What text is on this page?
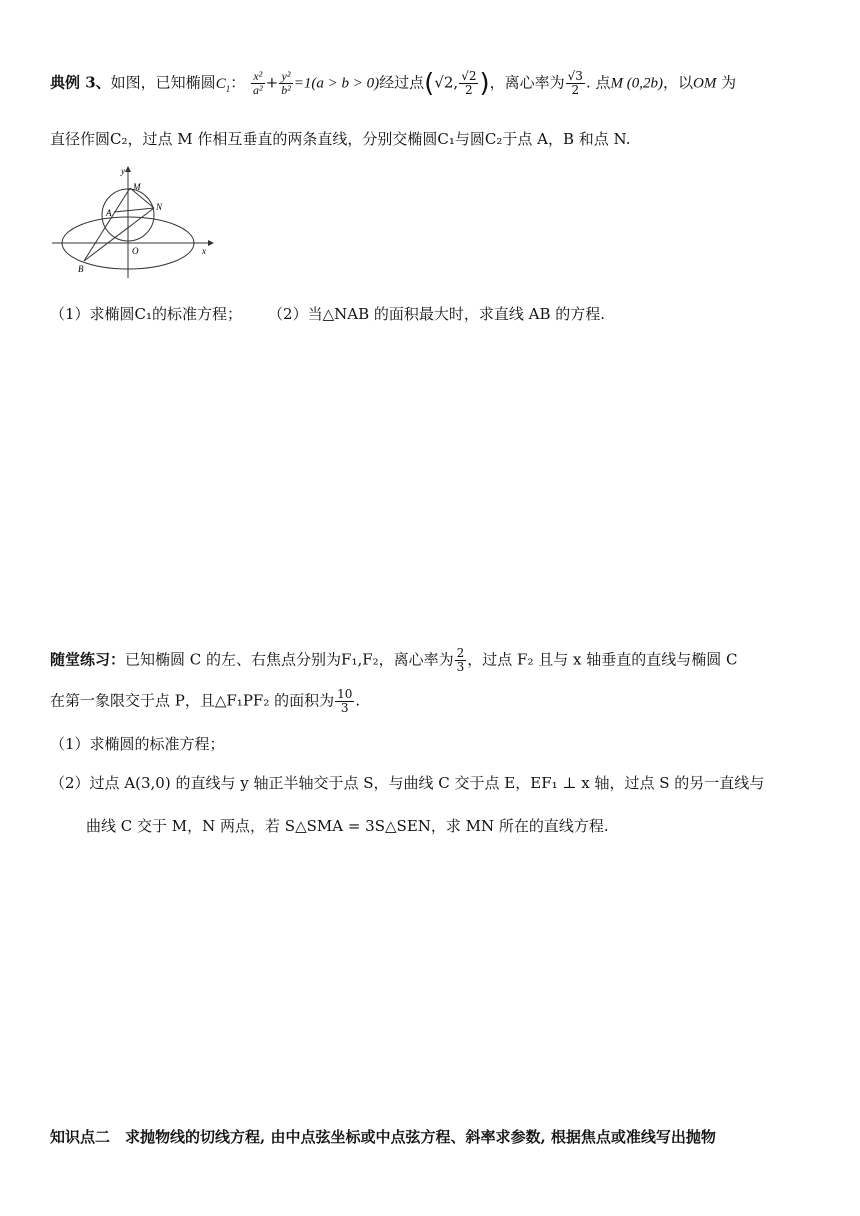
典例 3、如图，已知椭圆$C_1$： $\frac{\text{x²}}{\text{a²}} + \frac{\text{y²}}{\text{b²}} =1(a > b > 0)$经过点(√2, $\frac{√2}{2}$ )，离心率为 $\frac{√3}{2}$ . 点M (0,2b)，以OM 为
直径作圆C₂，过点 M 作相互垂直的两条直线，分别交椭圆C₁与圆C₂于点 A，B 和点 N.
y
x
O
M
N
A
B
（1）求椭圆C₁的标准方程； （2）当△NAB 的面积最大时，求直线 AB 的方程.
随堂练习：已知椭圆 C 的左、右焦点分别为F₁,F₂，离心率为 $\frac{2}{3}$ ，过点 F₂ 且与 x 轴垂直的直线与椭圆 C
在第一象限交于点 P，且△F₁PF₂ 的面积为 $\frac{10}{3}$ .
（1）求椭圆的标准方程；
（2）过点 A(3,0) 的直线与 y 轴正半轴交于点 S，与曲线 C 交于点 E，EF₁ ⊥ x 轴，过点 S 的另一直线与
曲线 C 交于 M，N 两点，若 S△SMA = 3S△SEN，求 MN 所在的直线方程.
知识点二　求抛物线的切线方程, 由中点弦坐标或中点弦方程、斜率求参数, 根据焦点或准线写出抛物
